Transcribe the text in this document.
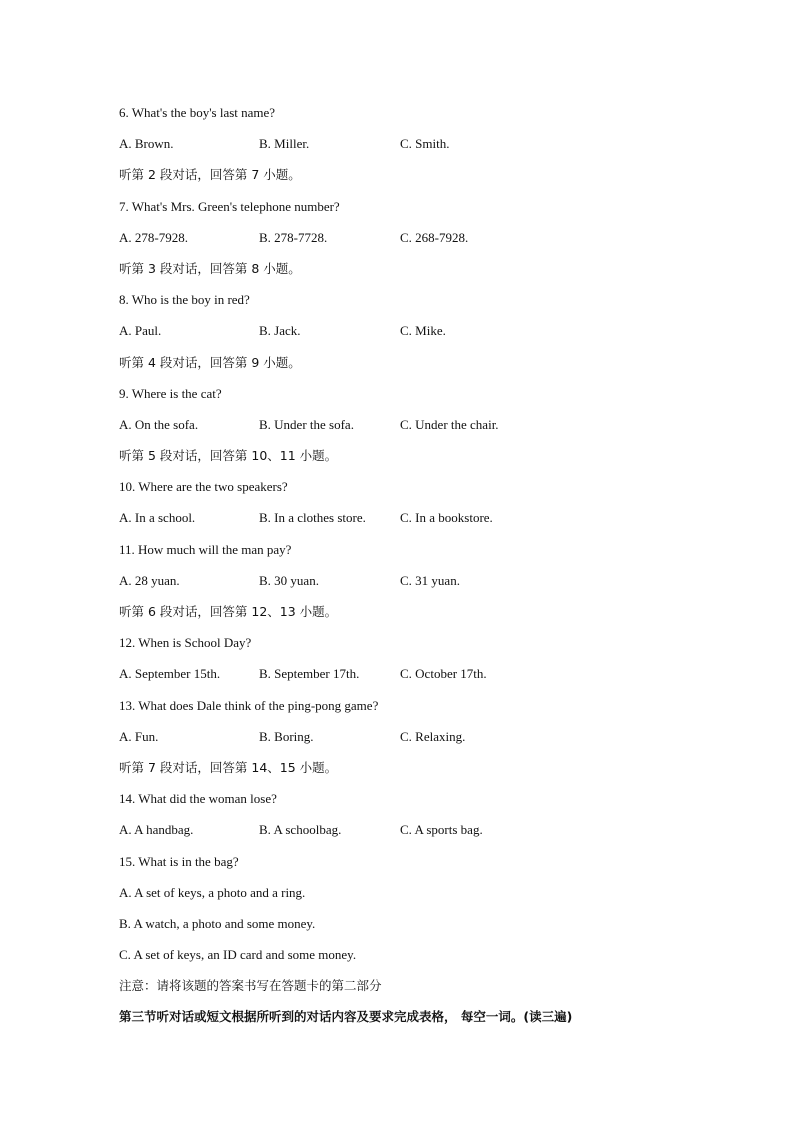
6. What's the boy's last name?
A. Brown.	B. Miller.	C. Smith.
听第 2 段对话，回答第 7 小题。
7. What's Mrs. Green's telephone number?
A. 278-7928.	B. 278-7728.	C. 268-7928.
听第 3 段对话，回答第 8 小题。
8. Who is the boy in red?
A. Paul.	B. Jack.	C. Mike.
听第 4 段对话，回答第 9 小题。
9. Where is the cat?
A. On the sofa.	B. Under the sofa.	C. Under the chair.
听第 5 段对话，回答第 10、11 小题。
10. Where are the two speakers?
A. In a school.	B. In a clothes store.	C. In a bookstore.
11. How much will the man pay?
A. 28 yuan.	B. 30 yuan.	C. 31 yuan.
听第 6 段对话，回答第 12、13 小题。
12. When is School Day?
A. September 15th.	B. September 17th.	C. October 17th.
13. What does Dale think of the ping-pong game?
A. Fun.	B. Boring.	C. Relaxing.
听第 7 段对话，回答第 14、15 小题。
14. What did the woman lose?
A. A handbag.	B. A schoolbag.	C. A sports bag.
15. What is in the bag?
A. A set of keys, a photo and a ring.
B. A watch, a photo and some money.
C. A set of keys, an ID card and some money.
注意：请将该题的答案书写在答题卡的第二部分
第三节听对话或短文根据所听到的对话内容及要求完成表格， 每空一词。(读三遍)
